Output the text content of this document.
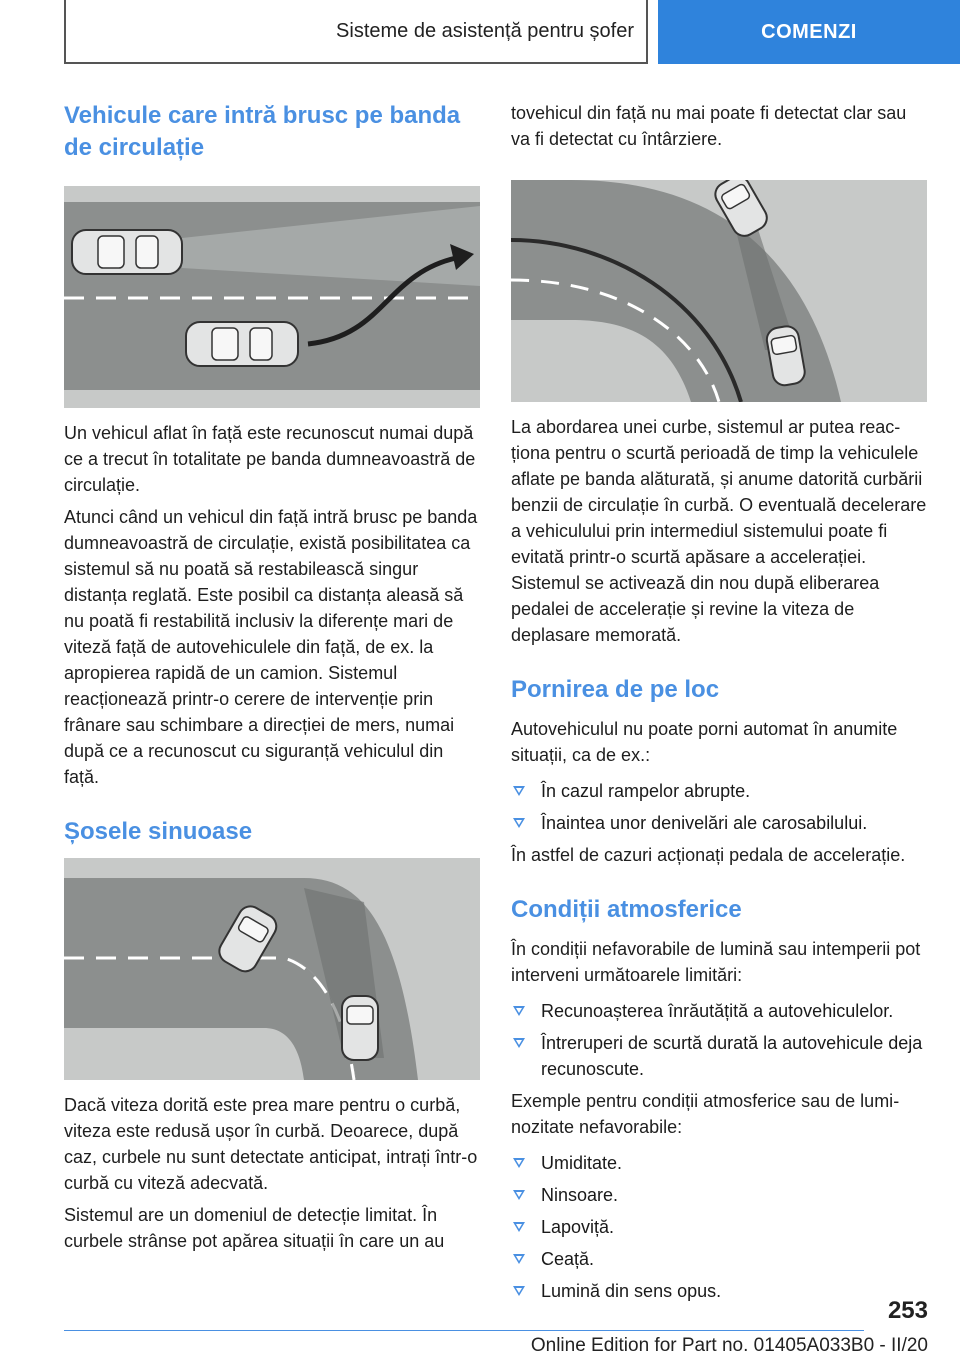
Sisteme de asistență pentru șofer	COMENZI
Vehicule care intră brusc pe banda de circulație

Un vehicul aflat în față este recunoscut numai după ce a trecut în totalitate pe banda dumneavoastră de circulație.

Atunci când un vehicul din față intră brusc pe banda dumneavoastră de circulație, există posibilitatea ca sistemul să nu poată să restabilească singur distanța reglată. Este posibil ca distanța aleasă să nu poată fi restabilită inclusiv la diferențe mari de viteză față de autovehiculele din față, de ex. la apropierea rapidă de un camion. Sistemul reacționează printr-o cerere de intervenție prin frânare sau schimbare a direcției de mers, numai după ce a recunoscut cu siguranță vehiculul din față.

Șosele sinuoase

Dacă viteza dorită este prea mare pentru o curbă, viteza este redusă ușor în curbă. Deoarece, după caz, curbele nu sunt detectate anticipat, intrați într-o curbă cu viteză adecvată.

Sistemul are un domeniul de detecție limitat. În curbele strânse pot apărea situații în care un au

tovehicul din față nu mai poate fi detectat clar sau va fi detectat cu întârziere.

La abordarea unei curbe, sistemul ar putea reacționa pentru o scurtă perioadă de timp la vehiculele aflate pe banda alăturată, și anume datorită curbării benzii de circulație în curbă. O eventuală decelerare a vehiculului prin intermediul sistemului poate fi evitată printr-o scurtă apăsare a accelerației. Sistemul se activează din nou după eliberarea pedalei de accelerație și revine la viteza de deplasare memorată.

Pornirea de pe loc

Autovehiculul nu poate porni automat în anumite situații, ca de ex.:

În cazul rampelor abrupte.
Înaintea unor denivelări ale carosabilului.

În astfel de cazuri acționați pedala de accelerație.

Condiții atmosferice

În condiții nefavorabile de lumină sau intemperii pot interveni următoarele limitări:

Recunoașterea înrăutățită a autovehiculelor.
Întreruperi de scurtă durată la autovehicule deja recunoscute.

Exemple pentru condiții atmosferice sau de luminozitate nefavorabile:

Umiditate.
Ninsoare.
Lapoviță.
Ceață.
Lumină din sens opus.
253
Online Edition for Part no. 01405A033B0 - II/20
